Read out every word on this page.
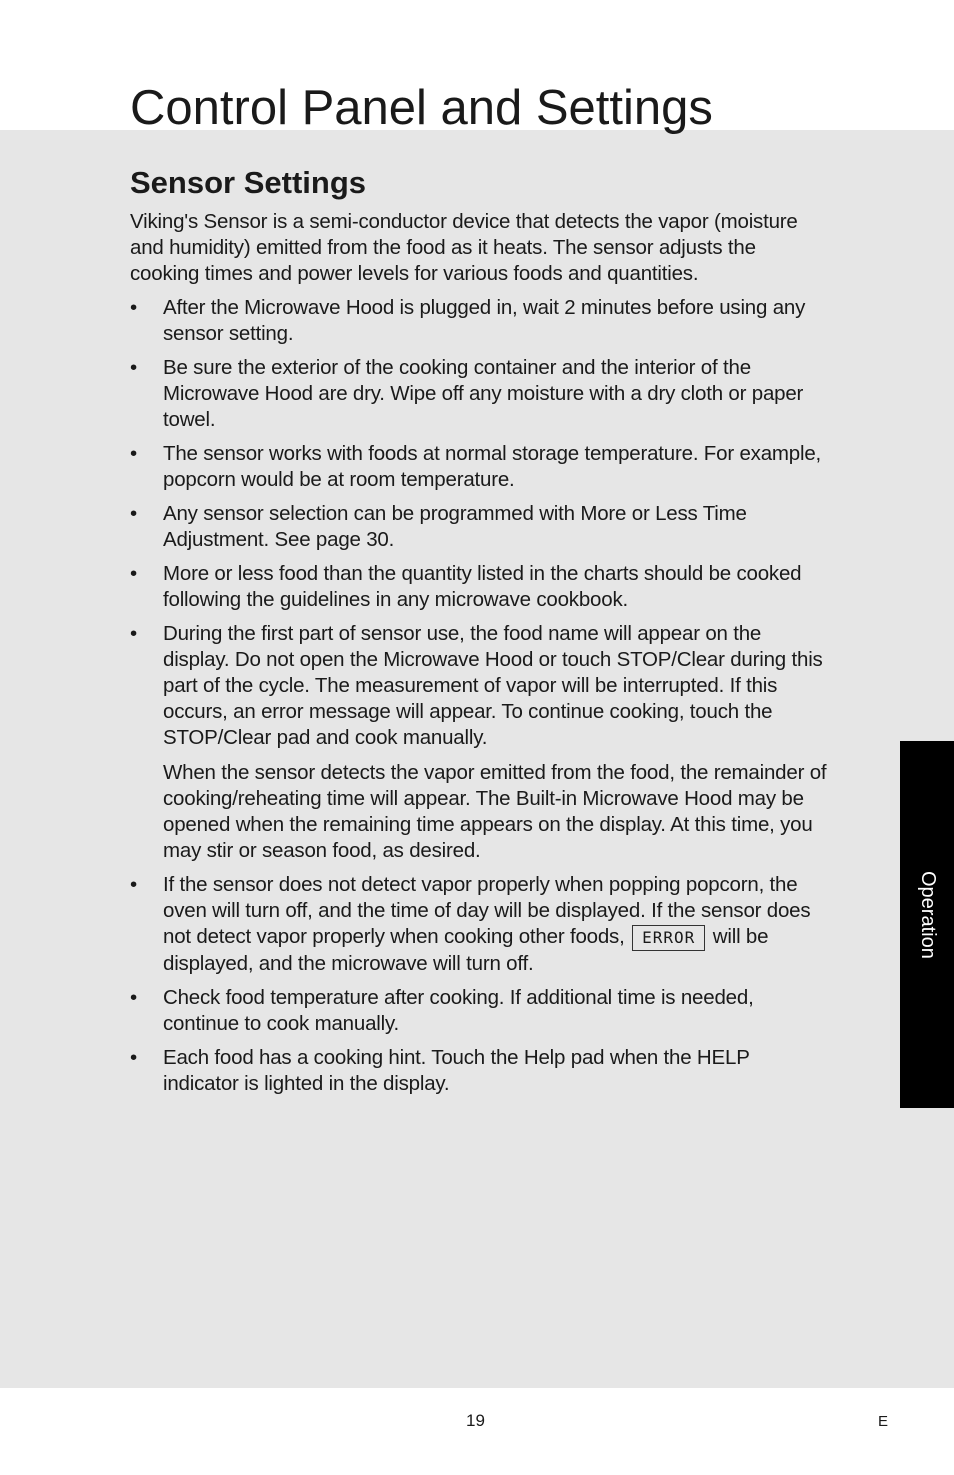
Control Panel and Settings
Sensor Settings

Viking's Sensor is a semi-conductor device that detects the vapor (moisture and humidity) emitted from the food as it heats. The sensor adjusts the cooking times and power levels for various foods and quantities.

•	After the Microwave Hood is plugged in, wait 2 minutes before using any sensor setting.
•	Be sure the exterior of the cooking container and the interior of the Microwave Hood are dry. Wipe off any moisture with a dry cloth or paper towel.
•	The sensor works with foods at normal storage temperature. For example, popcorn would be at room temperature.
•	Any sensor selection can be programmed with More or Less Time Adjustment. See page 30.
•	More or less food than the quantity listed in the charts should be cooked following the guidelines in any microwave cookbook.
•	During the first part of sensor use, the food name will appear on the display. Do not open the Microwave Hood or touch STOP/Clear during this part of the cycle. The measurement of vapor will be interrupted. If this occurs, an error message will appear. To continue cooking, touch the STOP/Clear pad and cook manually.
When the sensor detects the vapor emitted from the food, the remainder of cooking/reheating time will appear. The Built-in Microwave Hood may be opened when the remaining time appears on the display. At this time, you may stir or season food, as desired.
•	If the sensor does not detect vapor properly when popping popcorn, the oven will turn off, and the time of day will be displayed. If the sensor does not detect vapor properly when cooking other foods, ERROR will be displayed, and the microwave will turn off.
•	Check food temperature after cooking. If additional time is needed, continue to cook manually.
•	Each food has a cooking hint. Touch the Help pad when the HELP indicator is lighted in the display.
Operation
19	E
